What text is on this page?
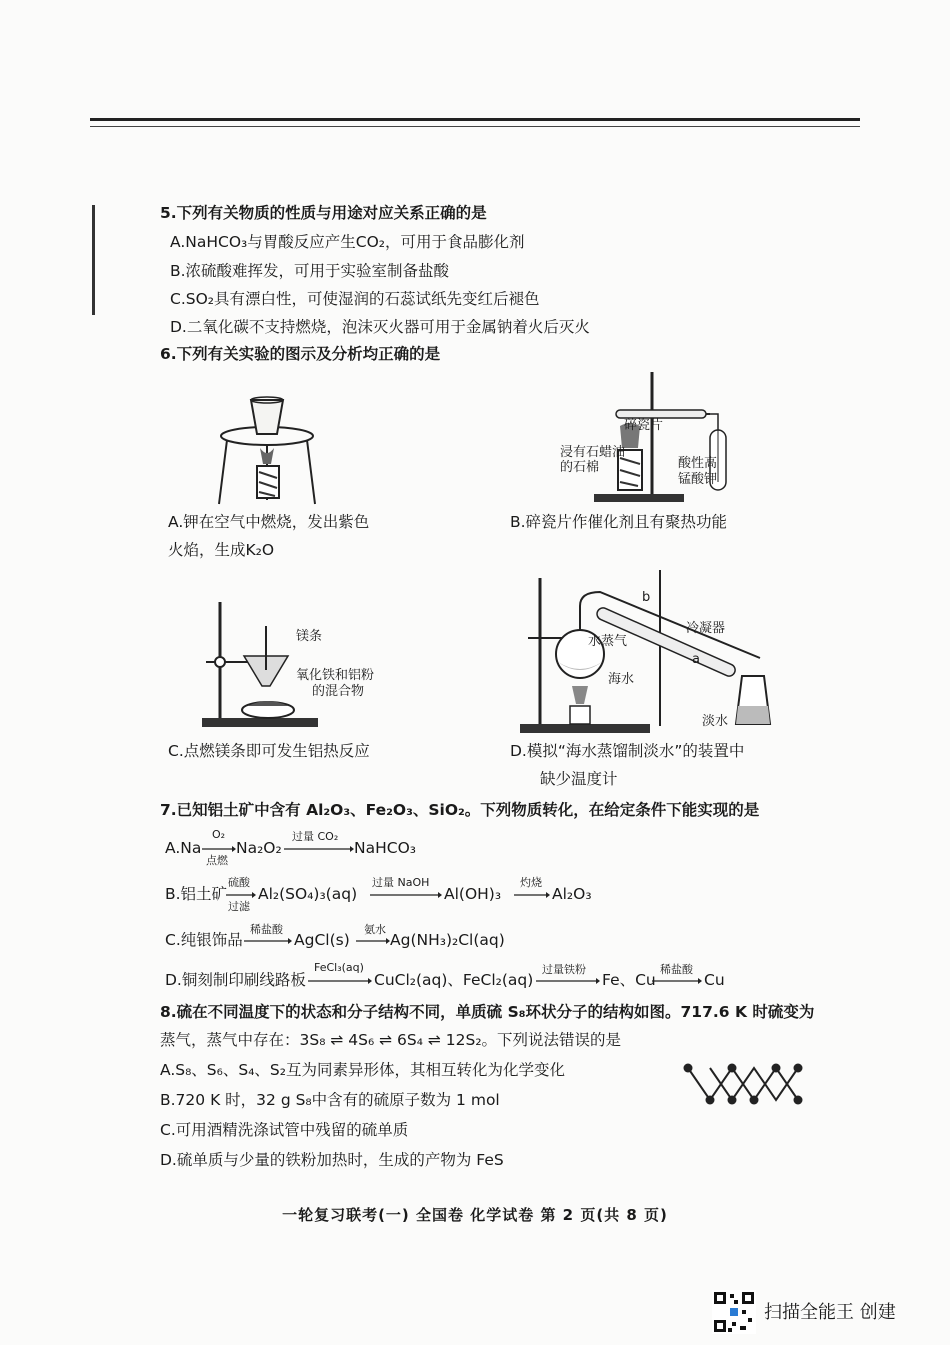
5.下列有关物质的性质与用途对应关系正确的是
A.NaHCO₃与胃酸反应产生CO₂，可用于食品膨化剂
B.浓硫酸难挥发，可用于实验室制备盐酸
C.SO₂具有漂白性，可使湿润的石蕊试纸先变红后褪色
D.二氧化碳不支持燃烧，泡沫灭火器可用于金属钠着火后灭火
6.下列有关实验的图示及分析均正确的是
A.钾在空气中燃烧，发出紫色
火焰，生成K₂O
碎瓷片
浸有石蜡油
的石棉	酸性高
锰酸钾
B.碎瓷片作催化剂且有聚热功能
镁条
氧化铁和铝粉
的混合物
C.点燃镁条即可发生铝热反应
b
冷凝器
水蒸气
a
海水
淡水
D.模拟“海水蒸馏制淡水”的装置中
缺少温度计
7.已知铝土矿中含有 Al₂O₃、Fe₂O₃、SiO₂。下列物质转化，在给定条件下能实现的是
A.Na
O₂
点燃
Na₂O₂
过量 CO₂
NaHCO₃
B.铝土矿
硫酸
过滤
Al₂(SO₄)₃(aq)
过量 NaOH
Al(OH)₃
灼烧
Al₂O₃
C.纯银饰品
稀盐酸
AgCl(s)
氨水
Ag(NH₃)₂Cl(aq)
D.铜刻制印刷线路板
FeCl₃(aq)
CuCl₂(aq)、FeCl₂(aq)
过量铁粉
Fe、Cu
稀盐酸
Cu
8.硫在不同温度下的状态和分子结构不同，单质硫 S₈环状分子的结构如图。717.6 K 时硫变为
蒸气，蒸气中存在：3S₈ ⇌ 4S₆ ⇌ 6S₄ ⇌ 12S₂。下列说法错误的是
A.S₈、S₆、S₄、S₂互为同素异形体，其相互转化为化学变化
B.720 K 时，32 g S₈中含有的硫原子数为 1 mol
C.可用酒精洗涤试管中残留的硫单质
D.硫单质与少量的铁粉加热时，生成的产物为 FeS
一轮复习联考(一) 全国卷 化学试卷 第 2 页(共 8 页)
扫描全能王 创建
